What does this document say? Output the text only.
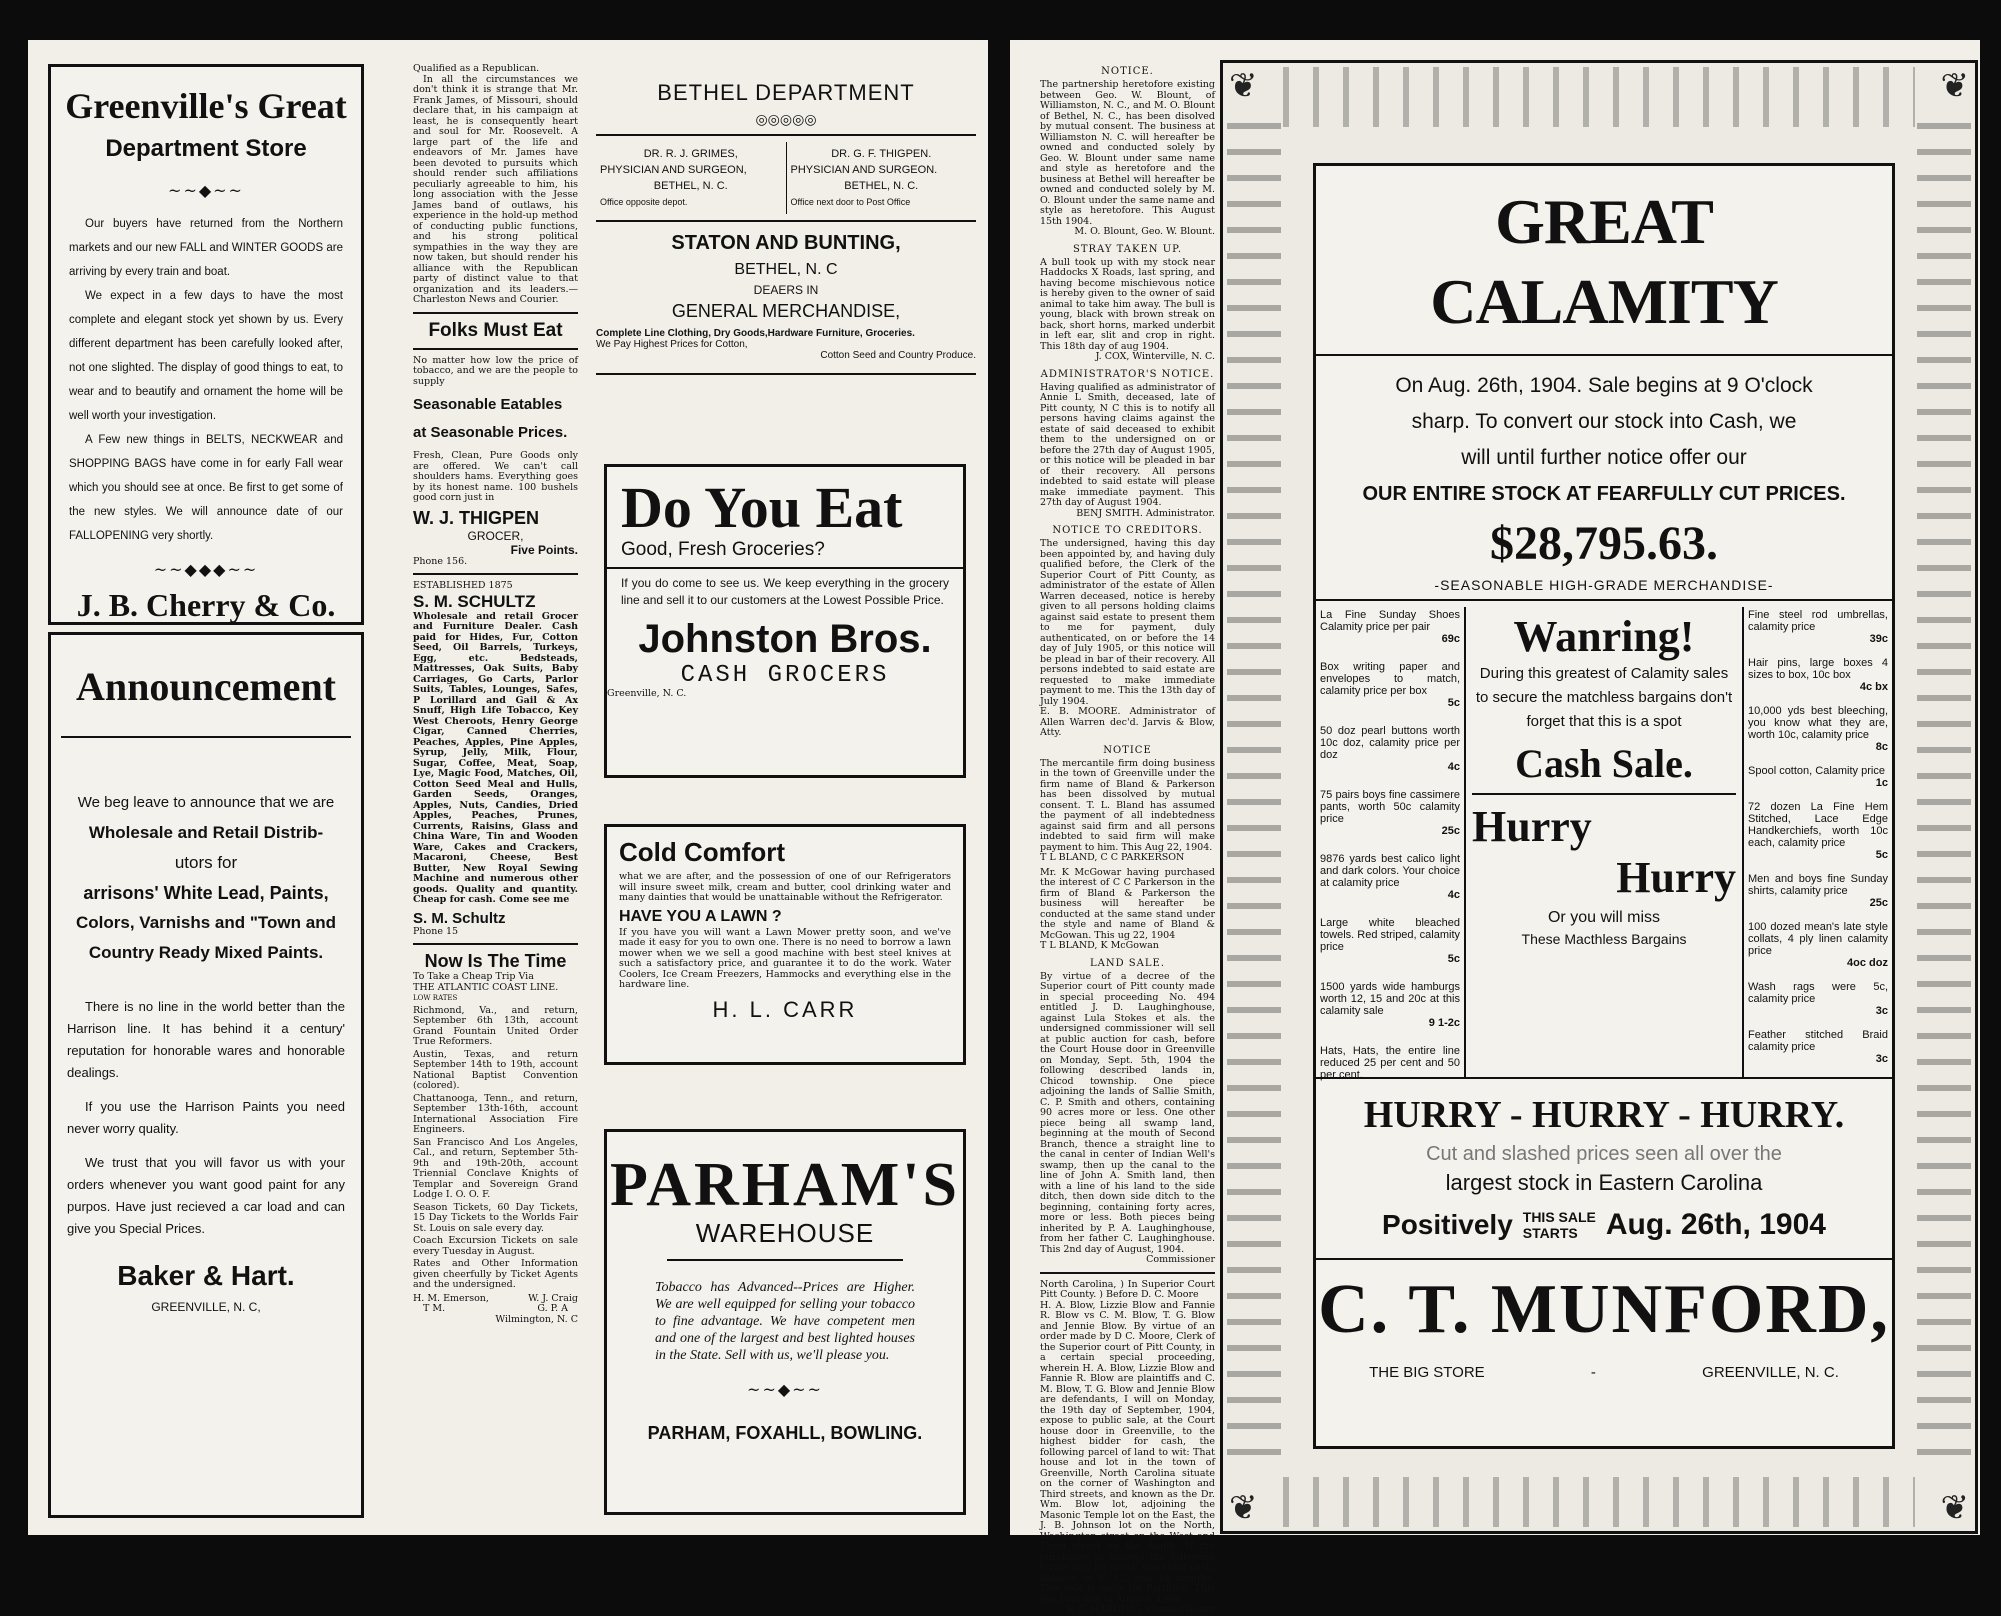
Greenville's Great
Department Store
~~◆~~

Our buyers have returned from the Northern markets and our new FALL and WINTER GOODS are arriving by every train and boat.

We expect in a few days to have the most complete and elegant stock yet shown by us. Every different department has been carefully looked after, not one slighted. The display of good things to eat, to wear and to beautify and ornament the home will be well worth your investigation.

A Few new things in BELTS, NECKWEAR and SHOPPING BAGS have come in for early Fall wear which you should see at once. Be first to get some of the new styles. We will announce date of our FALLOPENING very shortly.

~~◆◆◆~~
J. B. Cherry & Co.
Announcement

We beg leave to announce that we are

Wholesale and Retail Distrib-

utors for

arrisons' White Lead, Paints,

Colors, Varnishs and "Town and

Country Ready Mixed Paints.

There is no line in the world better than the Harrison line. It has behind it a century' reputation for honorable wares and honorable dealings.

If you use the Harrison Paints you need never worry quality.

We trust that you will favor us with your orders whenever you want good paint for any purpos. Have just recieved a car load and can give you Special Prices.

Baker & Hart.
GREENVILLE, N. C,
Qualified as a Republican.
In all the circumstances we don't think it is strange that Mr. Frank James, of Missouri, should declare that, in his campaign at least, he is consequently heart and soul for Mr. Roosevelt. A large part of the life and endeavors of Mr. James have been devoted to pursuits which should render such affiliations peculiarly agreeable to him, his long association with the Jesse James band of outlaws, his experience in the hold-up method of conducting public functions, and his strong political sympathies in the way they are now taken, but should render his alliance with the Republican party of distinct value to that organization and its leaders.—Charleston News and Courier.
Folks Must Eat
No matter how low the price of tobacco, and we are the people to supply
Seasonable Eatables at Seasonable Prices.
Fresh, Clean, Pure Goods only are offered. We can't call shoulders hams. Everything goes by its honest name. 100 bushels good corn just in
W. J. THIGPEN
GROCER,
Five Points.
Phone 156.
ESTABLISHED 1875
S. M. SCHULTZ
Wholesale and retail Grocer and Furniture Dealer. Cash paid for Hides, Fur, Cotton Seed, Oil Barrels, Turkeys, Egg, etc. Bedsteads, Mattresses, Oak Suits, Baby Carriages, Go Carts, Parlor Suits, Tables, Lounges, Safes, P Lorillard and Gail & Ax Snuff, High Life Tobacco, Key West Cheroots, Henry George Cigar, Canned Cherries, Peaches, Apples, Pine Apples, Syrup, Jelly, Milk, Flour, Sugar, Coffee, Meat, Soap, Lye, Magic Food, Matches, Oil, Cotton Seed Meal and Hulls, Garden Seeds, Oranges, Apples, Nuts, Candies, Dried Apples, Peaches, Prunes, Currents, Raisins, Glass and China Ware, Tin and Wooden Ware, Cakes and Crackers, Macaroni, Cheese, Best Butter, New Royal Sewing Machine and numerous other goods. Quality and quantity. Cheap for cash. Come see me
S. M. Schultz
Phone 15
Now Is The Time
To Take a Cheap Trip Via
THE ATLANTIC COAST LINE.
LOW RATES
Richmond, Va., and return, September 6th 13th, account Grand Fountain United Order True Reformers.
Austin, Texas, and return September 14th to 19th, account National Baptist Convention (colored).
Chattanooga, Tenn., and return, September 13th-16th, account International Association Fire Engineers.
San Francisco And Los Angeles, Cal., and return, September 5th-9th and 19th-20th, account Triennial Conclave Knights of Templar and Sovereign Grand Lodge I. O. O. F.
Season Tickets, 60 Day Tickets, 15 Day Tickets to the Worlds Fair St. Louis on sale every day.
Coach Excursion Tickets on sale every Tuesday in August.
Rates and Other Information given cheerfully by Ticket Agents and the undersigned.
H. M. Emerson,	W. J. Craig
T M.	G. P. A
Wilmington, N. C
BETHEL DEPARTMENT
◎◎◎◎◎
DR. R. J. GRIMES,
PHYSICIAN AND SURGEON,
BETHEL, N. C.
Office opposite depot.
DR. G. F. THIGPEN.
PHYSICIAN AND SURGEON.
BETHEL, N. C.
Office next door to Post Office
STATON AND BUNTING,
BETHEL, N. C
DEAERS IN
GENERAL MERCHANDISE,
Complete Line Clothing, Dry Goods,Hardware Furniture, Groceries.
We Pay Highest Prices for Cotton,
Cotton Seed and Country Produce.
Do You Eat
Good, Fresh Groceries?
If you do come to see us. We keep everything in the grocery line and sell it to our customers at the Lowest Possible Price.
Johnston Bros.
CASH GROCERS
Greenville, N. C.
Cold Comfort
what we are after, and the possession of one of our Refrigerators will insure sweet milk, cream and butter, cool drinking water and many dainties that would be unattainable without the Refrigerator.
HAVE YOU A LAWN ?
If you have you will want a Lawn Mower pretty soon, and we've made it easy for you to own one. There is no need to borrow a lawn mower when we we sell a good machine with best steel knives at such a satisfactory price, and guarantee it to do the work. Water Coolers, Ice Cream Freezers, Hammocks and everything else in the hardware line.
H. L. CARR
PARHAM'S
WAREHOUSE
Tobacco has Advanced--Prices are Higher. We are well equipped for selling your tobacco to fine advantage. We have competent men and one of the largest and best lighted houses in the State. Sell with us, we'll please you.
~~◆~~
PARHAM, FOXAHLL, BOWLING.
NOTICE.
The partnership heretofore existing between Geo. W. Blount, of Williamston, N. C., and M. O. Blount of Bethel, N. C., has been disolved by mutual consent. The business at Williamston N. C. will hereafter be owned and conducted solely by Geo. W. Blount under same name and style as heretofore and the business at Bethel will hereafter be owned and conducted solely by M. O. Blount under the same name and style as heretofore. This August 15th 1904.
M. O. Blount, Geo. W. Blount.
STRAY TAKEN UP.
A bull took up with my stock near Haddocks X Roads, last spring, and having become mischievous notice is hereby given to the owner of said animal to take him away. The bull is young, black with brown streak on back, short horns, marked underbit in left ear, slit and crop in right. This 18th day of aug 1904.
J. COX, Winterville, N. C.
ADMINISTRATOR'S NOTICE.
Having qualified as administrator of Annie L Smith, deceased, late of Pitt county, N C this is to notify all persons having claims against the estate of said deceased to exhibit them to the undersigned on or before the 27th day of August 1905, or this notice will be pleaded in bar of their recovery. All persons indebted to said estate will please make immediate payment. This 27th day of August 1904.
BENJ SMITH. Administrator.
NOTICE TO CREDITORS.
The undersigned, having this day been appointed by, and having duly qualified before, the Clerk of the Superior Court of Pitt County, as administrator of the estate of Allen Warren deceased, notice is hereby given to all persons holding claims against said estate to present them to me for payment, duly authenticated, on or before the 14 day of July 1905, or this notice will be plead in bar of their recovery. All persons indebted to said estate are requested to make immediate payment to me. This the 13th day of July 1904.
E. B. MOORE. Administrator of Allen Warren dec'd. Jarvis & Blow, Atty.
NOTICE
The mercantile firm doing business in the town of Greenville under the firm name of Bland & Parkerson has been dissolved by mutual consent. T. L. Bland has assumed the payment of all indebtedness against said firm and all persons indebted to said firm will make payment to him. This Aug 22, 1904.
T L BLAND, C C PARKERSON
Mr. K McGowar having purchased the interest of C C Parkerson in the firm of Bland & Parkerson the business will hereafter be conducted at the same stand under the style and name of Bland & McGowan. This ug 22, 1904
T L BLAND, K McGowan
LAND SALE.
By virtue of a decree of the Superior court of Pitt county made in special proceeding No. 494 entitled J. D. Laughinghouse, against Lula Stokes et als. the undersigned commissioner will sell at public auction for cash, before the Court House door in Greenville on Monday, Sept. 5th, 1904 the following described lands in, Chicod township. One piece adjoining the lands of Sallie Smith, C. P. Smith and others, containing 90 acres more or less. One other piece being all swamp land, beginning at the mouth of Second Branch, thence a straight line to the canal in center of Indian Well's swamp, then up the canal to the line of John A. Smith land, then with a line of his land to the side ditch, then down side ditch to the beginning, containing forty acres, more or less. Both pieces being inherited by P. A. Laughinghouse, from her father C. Laughinghouse. This 2nd day of August, 1904.
Commissioner
North Carolina, ) In Superior Court Pitt County. ) Before D. C. Moore
H. A. Blow, Lizzie Blow and Fannie R. Blow vs C. M. Blow, T. G. Blow and Jennie Blow. By virtue of an order made by D C. Moore, Clerk of the Superior court of Pitt County, in a certain special proceeding, wherein H. A. Blow, Lizzie Blow and Fannie R. Blow are plaintiffs and C. M. Blow, T. G. Blow and Jennie Blow are defendants, I will on Monday, the 19th day of September, 1904, expose to public sale, at the Court house door in Greenville, to the highest bidder for cash, the following parcel of land to wit: That house and lot in the town of Greenville, North Carolina situate on the corner of Washington and Third streets, and known as the Dr. Wm. Blow lot, adjoining the Masonic Temple lot on the East, the J. B. Johnson lot on the North, Washington street on the West and Third street on the South. If the purchaser so desires the following terms may be made, one third cash, balance in 6, 12, and 18 months. This sale is made for Partition. This the 16th day of August, 1904.
F. C. HARDING, Commissioner
❦	❦
❦	❦
GREAT CALAMITY
On Aug. 26th, 1904. Sale begins at 9 O'clock
sharp. To convert our stock into Cash, we
will until further notice offer our
OUR ENTIRE STOCK AT FEARFULLY CUT PRICES.
$28,795.63.
-SEASONABLE HIGH-GRADE MERCHANDISE-
La Fine Sunday Shoes Calamity price per pair
69c
Box writing paper and envelopes to match, calamity price per box
5c
50 doz pearl buttons worth 10c doz, calamity price per doz
4c
75 pairs boys fine cassimere pants, worth 50c calamity price
25c
9876 yards best calico light and dark colors. Your choice at calamity price
4c
Large white bleached towels. Red striped, calamity price
5c
1500 yards wide hamburgs worth 12, 15 and 20c at this calamity sale
9 1-2c
Hats, Hats, the entire line reduced 25 per cent and 50 per cent.
Wanring!
During this greatest of Calamity sales to secure the matchless bargains don't forget that this is a spot
Cash Sale.
Hurry
Hurry
Or you will miss
These Macthless Bargains
Fine steel rod umbrellas, calamity price
39c
Hair pins, large boxes 4 sizes to box, 10c box
4c bx
10,000 yds best bleeching, you know what they are, worth 10c, calamity price
8c
Spool cotton, Calamity price
1c
72 dozen La Fine Hem Stitched, Lace Edge Handkerchiefs, worth 10c each, calamity price
5c
Men and boys fine Sunday shirts, calamity price
25c
100 dozed mean's late style collats, 4 ply linen calamity price
4oc doz
Wash rags were 5c, calamity price
3c
Feather stitched Braid calamity price
3c
HURRY - HURRY - HURRY.
Cut and slashed prices seen all over the
largest stock in Eastern Carolina
Positively THIS SALE
STARTS Aug. 26th, 1904
C. T. MUNFORD,
THE BIG STORE	-	GREENVILLE, N. C.
